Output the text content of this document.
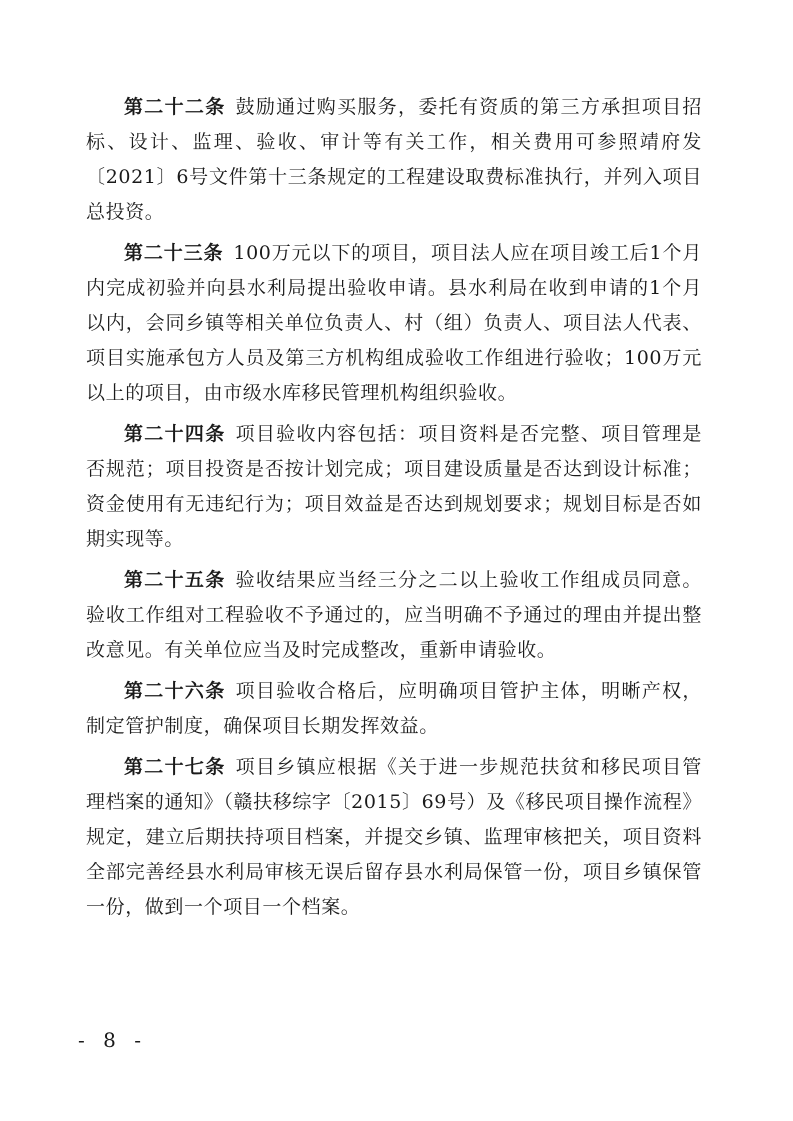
第二十二条 鼓励通过购买服务，委托有资质的第三方承担项目招标、设计、监理、验收、审计等有关工作，相关费用可参照靖府发〔2021〕6号文件第十三条规定的工程建设取费标准执行，并列入项目总投资。

第二十三条 100万元以下的项目，项目法人应在项目竣工后1个月内完成初验并向县水利局提出验收申请。县水利局在收到申请的1个月以内，会同乡镇等相关单位负责人、村（组）负责人、项目法人代表、项目实施承包方人员及第三方机构组成验收工作组进行验收；100万元以上的项目，由市级水库移民管理机构组织验收。

第二十四条 项目验收内容包括：项目资料是否完整、项目管理是否规范；项目投资是否按计划完成；项目建设质量是否达到设计标准；资金使用有无违纪行为；项目效益是否达到规划要求；规划目标是否如期实现等。

第二十五条 验收结果应当经三分之二以上验收工作组成员同意。验收工作组对工程验收不予通过的，应当明确不予通过的理由并提出整改意见。有关单位应当及时完成整改，重新申请验收。

第二十六条 项目验收合格后，应明确项目管护主体，明晰产权，制定管护制度，确保项目长期发挥效益。

第二十七条 项目乡镇应根据《关于进一步规范扶贫和移民项目管理档案的通知》（赣扶移综字〔2015〕69号）及《移民项目操作流程》规定，建立后期扶持项目档案，并提交乡镇、监理审核把关，项目资料全部完善经县水利局审核无误后留存县水利局保管一份，项目乡镇保管一份，做到一个项目一个档案。

- 8 -
